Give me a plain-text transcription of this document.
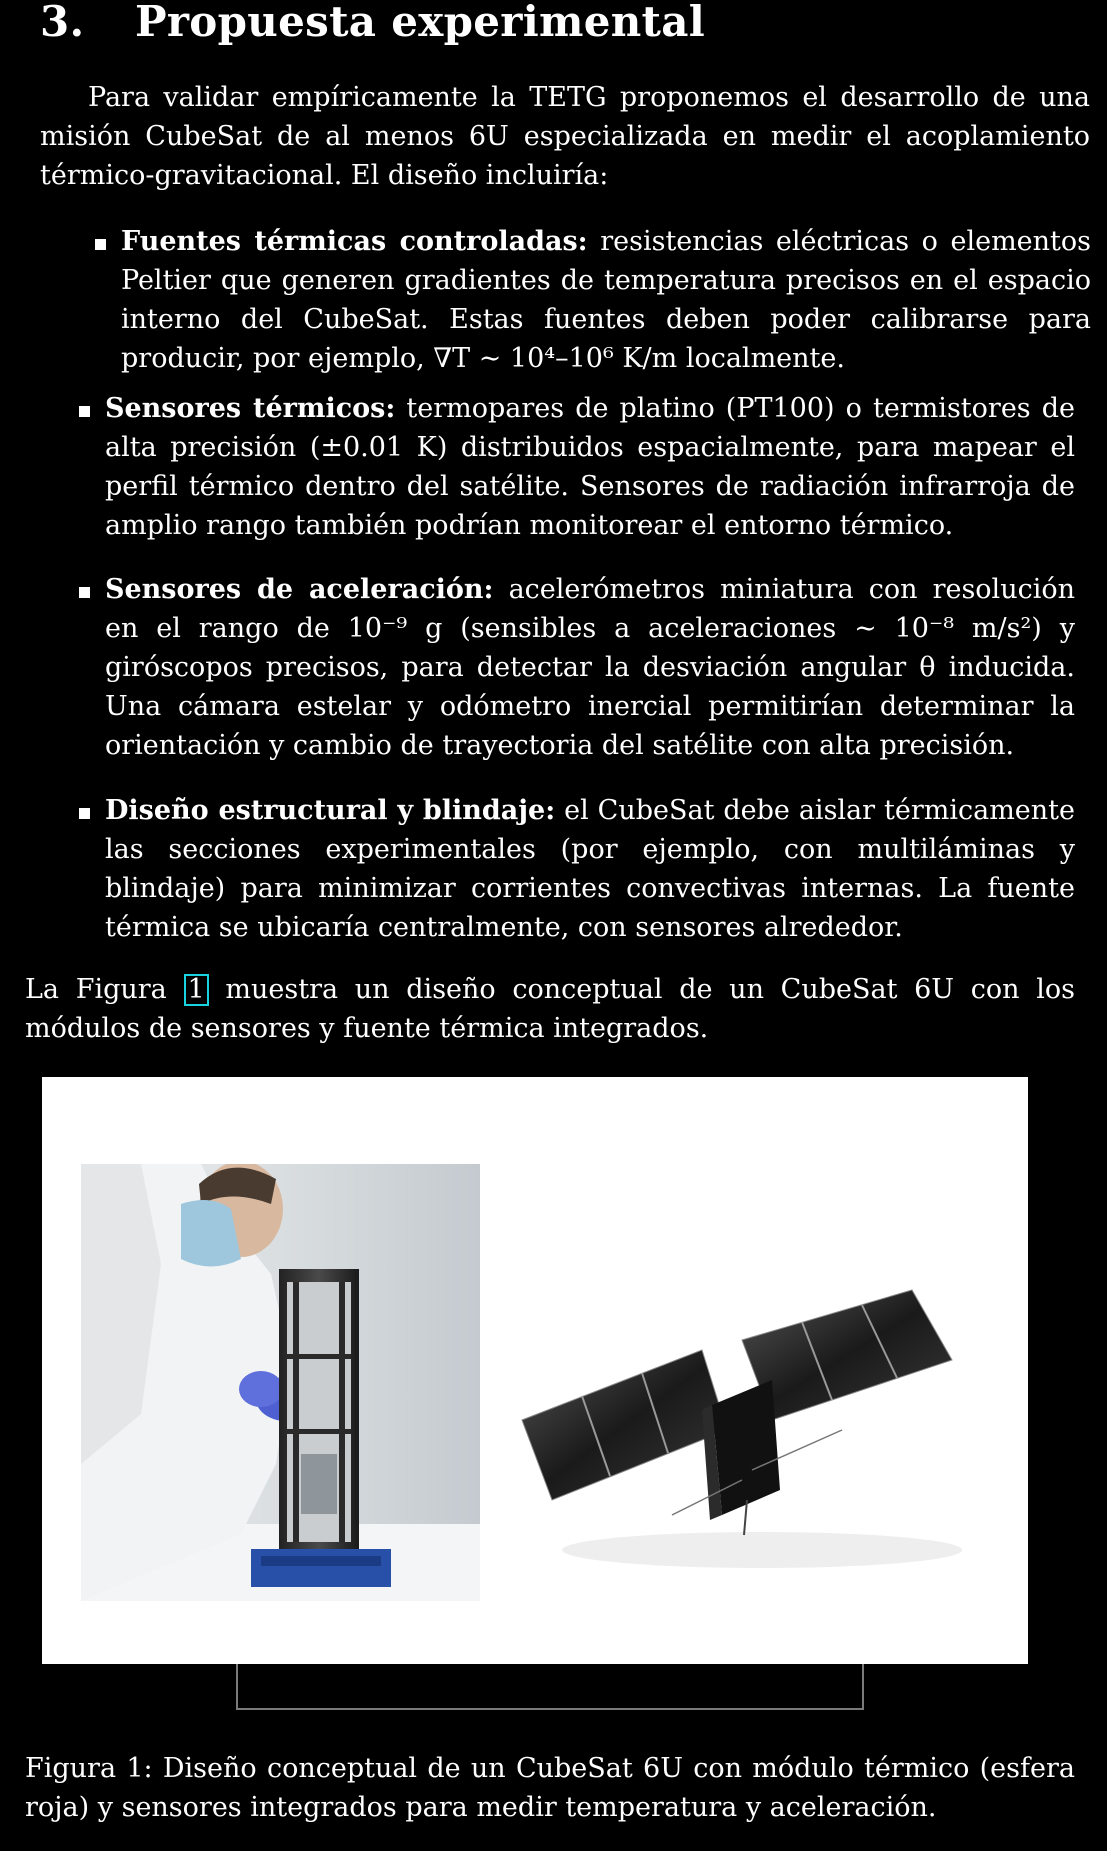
3. Propuesta experimental

Para validar empíricamente la TETG proponemos el desarrollo de una misión CubeSat de al menos 6U especializada en medir el acoplamiento térmico-gravitacional. El diseño incluiría:

Fuentes térmicas controladas: resistencias eléctricas o elementos Peltier que generen gradientes de temperatura precisos en el espacio interno del CubeSat. Estas fuentes deben poder calibrarse para producir, por ejemplo, ∇T ∼ 10⁴–10⁶ K/m localmente.
Sensores térmicos: termopares de platino (PT100) o termistores de alta precisión (±0.01 K) distribuidos espacialmente, para mapear el perfil térmico dentro del satélite. Sensores de radiación infrarroja de amplio rango también podrían monitorear el entorno térmico.
Sensores de aceleración: acelerómetros miniatura con resolución en el rango de 10⁻⁹ g (sensibles a aceleraciones ∼ 10⁻⁸ m/s²) y giróscopos precisos, para detectar la desviación angular θ inducida. Una cámara estelar y odómetro inercial permitirían determinar la orientación y cambio de trayectoria del satélite con alta precisión.
Diseño estructural y blindaje: el CubeSat debe aislar térmicamente las secciones experimentales (por ejemplo, con multiláminas y blindaje) para minimizar corrientes convectivas internas. La fuente térmica se ubicaría centralmente, con sensores alrededor.

La Figura 1 muestra un diseño conceptual de un CubeSat 6U con los módulos de sensores y fuente térmica integrados.

Figura 1: Diseño conceptual de un CubeSat 6U con módulo térmico (esfera roja) y sensores integrados para medir temperatura y aceleración.
